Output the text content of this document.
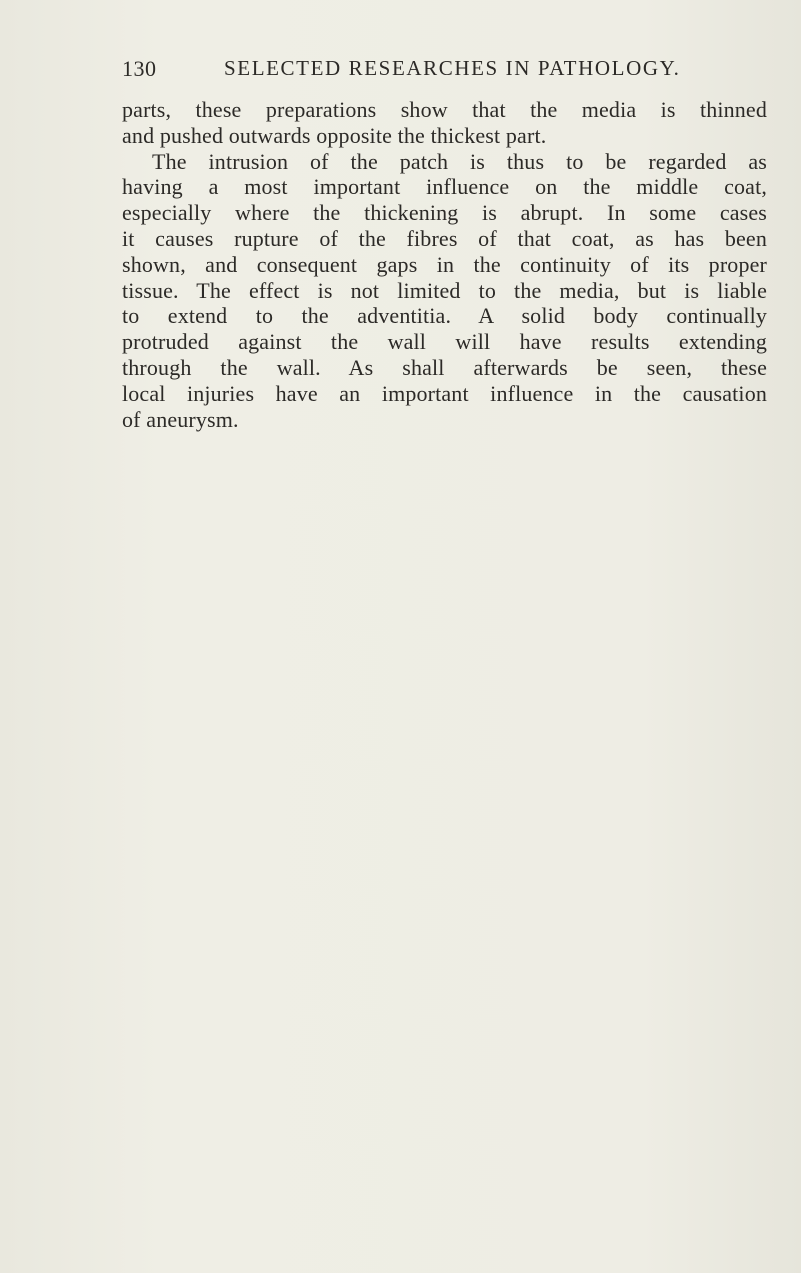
130	SELECTED RESEARCHES IN PATHOLOGY.
parts, these preparations show that the media is thinned
and pushed outwards opposite the thickest part.
The intrusion of the patch is thus to be regarded as
having a most important influence on the middle coat,
especially where the thickening is abrupt. In some cases
it causes rupture of the fibres of that coat, as has been
shown, and consequent gaps in the continuity of its proper
tissue. The effect is not limited to the media, but is liable
to extend to the adventitia. A solid body continually
protruded against the wall will have results extending
through the wall. As shall afterwards be seen, these
local injuries have an important influence in the causation
of aneurysm.
